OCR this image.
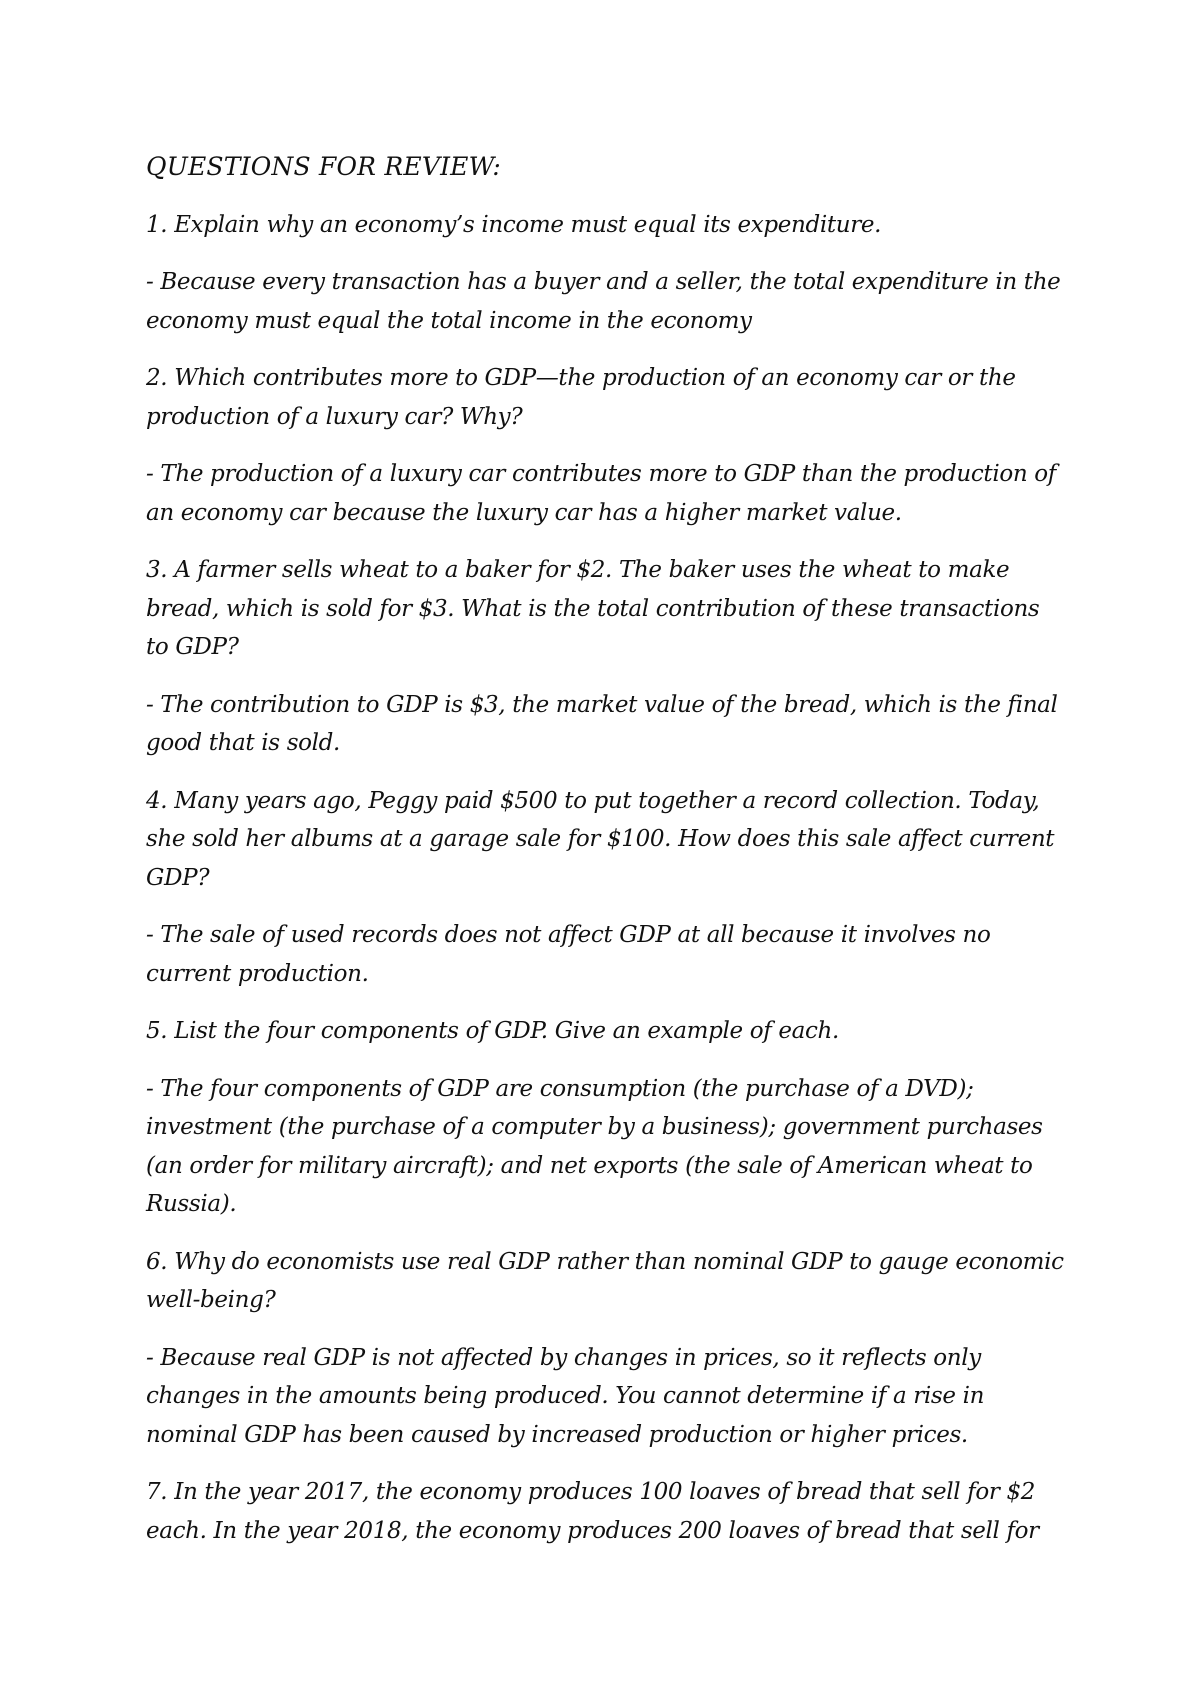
QUESTIONS FOR REVIEW:

1. Explain why an economy’s income must equal its expenditure.

- Because every transaction has a buyer and a seller, the total expenditure in the economy must equal the total income in the economy

2. Which contributes more to GDP—the production of an economy car or the production of a luxury car? Why?

- The production of a luxury car contributes more to GDP than the production of an economy car because the luxury car has a higher market value.

3. A farmer sells wheat to a baker for $2. The baker uses the wheat to make bread, which is sold for $3. What is the total contribution of these transactions to GDP?

- The contribution to GDP is $3, the market value of the bread, which is the final good that is sold.

4. Many years ago, Peggy paid $500 to put together a record collection. Today, she sold her albums at a garage sale for $100. How does this sale affect current GDP?

- The sale of used records does not affect GDP at all because it involves no current production.

5. List the four components of GDP. Give an example of each.

- The four components of GDP are consumption (the purchase of a DVD); investment (the purchase of a computer by a business); government purchases (an order for military aircraft); and net exports (the sale of American wheat to Russia).

6. Why do economists use real GDP rather than nominal GDP to gauge economic well-being?

- Because real GDP is not affected by changes in prices, so it reflects only changes in the amounts being produced. You cannot determine if a rise in nominal GDP has been caused by increased production or higher prices.

7. In the year 2017, the economy produces 100 loaves of bread that sell for $2 each. In the year 2018, the economy produces 200 loaves of bread that sell for
